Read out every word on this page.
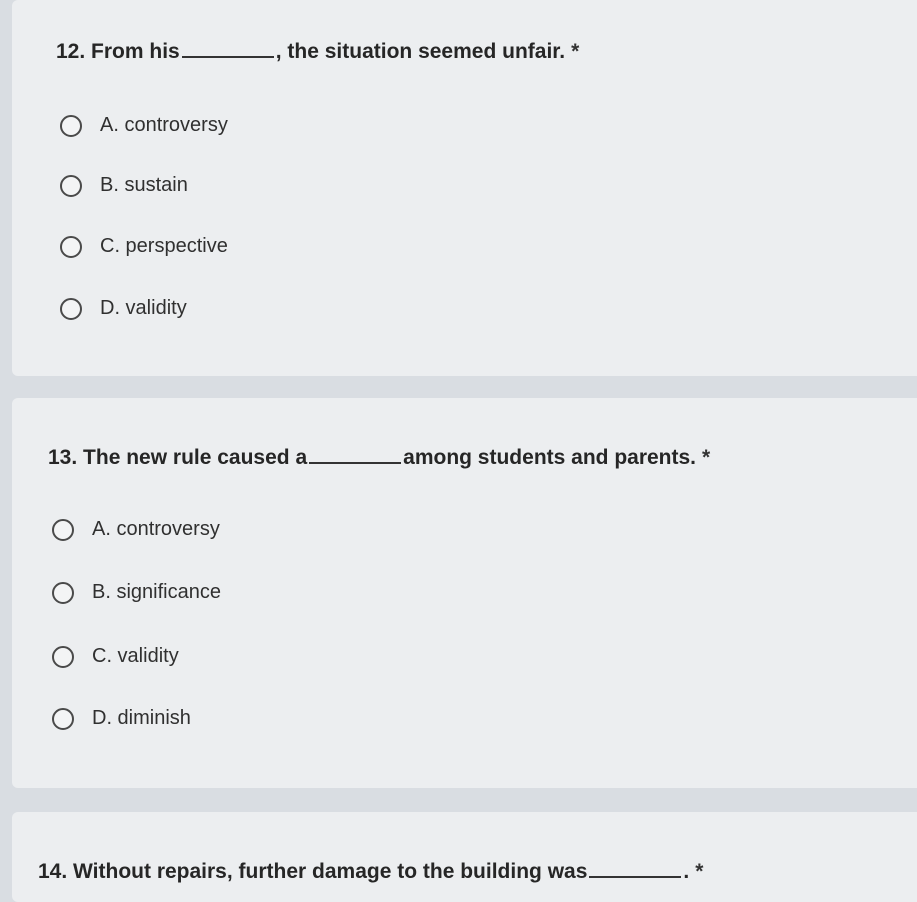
12. From his	, the situation seemed unfair. *

A. controversy
B. sustain
C. perspective
D. validity

13. The new rule caused a	among students and parents. *

A. controversy
B. significance
C. validity
D. diminish

14. Without repairs, further damage to the building was	. *
